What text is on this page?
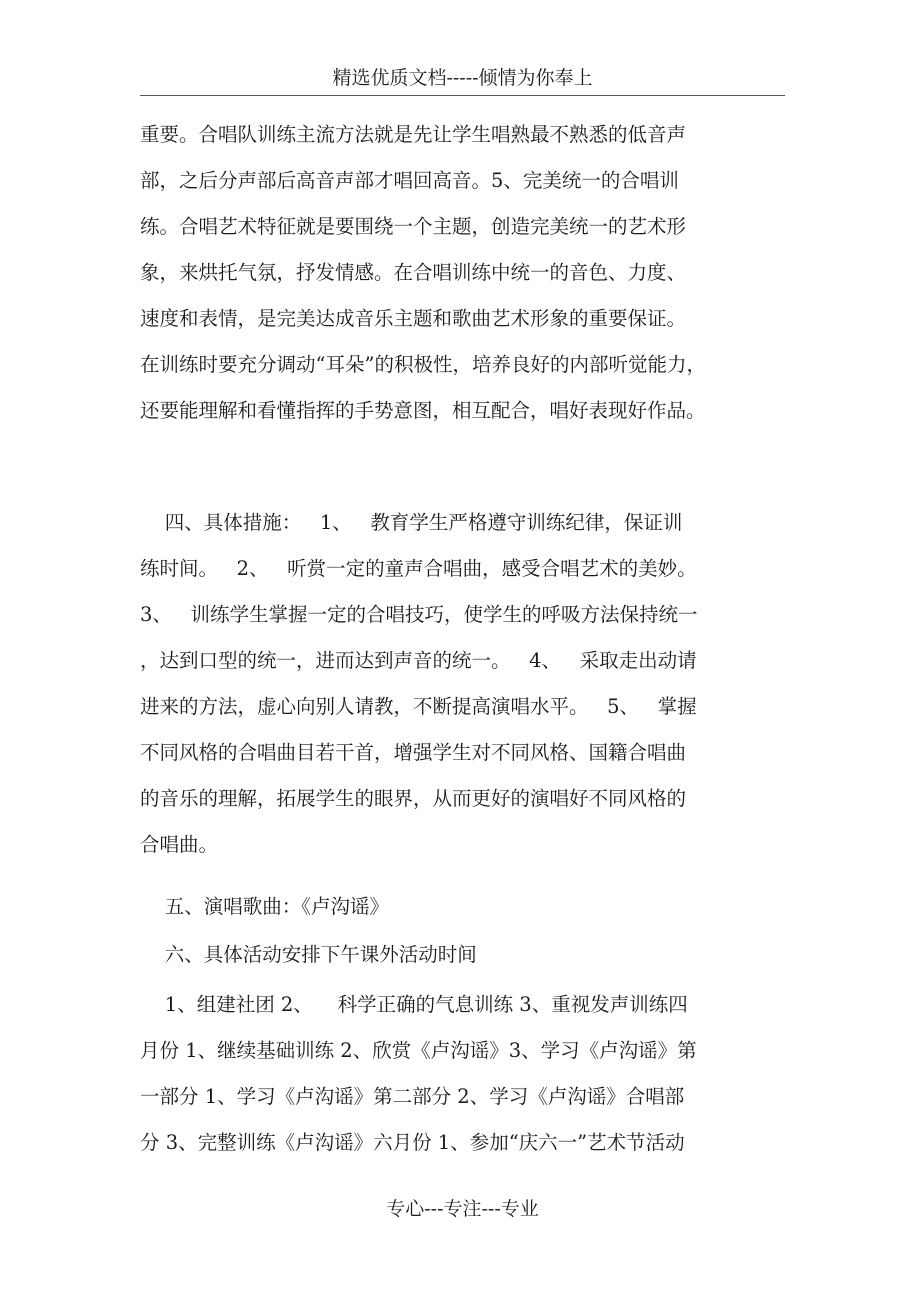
精选优质文档-----倾情为你奉上
重要。合唱队训练主流方法就是先让学生唱熟最不熟悉的低音声
部，之后分声部后高音声部才唱回高音。5、完美统一的合唱训
练。合唱艺术特征就是要围绕一个主题，创造完美统一的艺术形
象，来烘托气氛，抒发情感。在合唱训练中统一的音色、力度、
速度和表情，是完美达成音乐主题和歌曲艺术形象的重要保证。
在训练时要充分调动“耳朵”的积极性，培养良好的内部听觉能力，
还要能理解和看懂指挥的手势意图，相互配合，唱好表现好作品。
四、具体措施：   1、   教育学生严格遵守训练纪律，保证训
练时间。   2、   听赏一定的童声合唱曲，感受合唱艺术的美妙。
3、   训练学生掌握一定的合唱技巧，使学生的呼吸方法保持统一
，达到口型的统一，进而达到声音的统一。   4、   采取走出动请
进来的方法，虚心向别人请教，不断提高演唱水平。   5、   掌握
不同风格的合唱曲目若干首，增强学生对不同风格、国籍合唱曲
的音乐的理解，拓展学生的眼界，从而更好的演唱好不同风格的
合唱曲。
五、演唱歌曲：《卢沟谣》
六、具体活动安排下午课外活动时间
1、组建社团 2、    科学正确的气息训练 3、重视发声训练四
月份 1、继续基础训练 2、欣赏《卢沟谣》3、学习《卢沟谣》第
一部分 1、学习《卢沟谣》第二部分 2、学习《卢沟谣》合唱部
分 3、完整训练《卢沟谣》六月份 1、参加“庆六一”艺术节活动
专心---专注---专业
